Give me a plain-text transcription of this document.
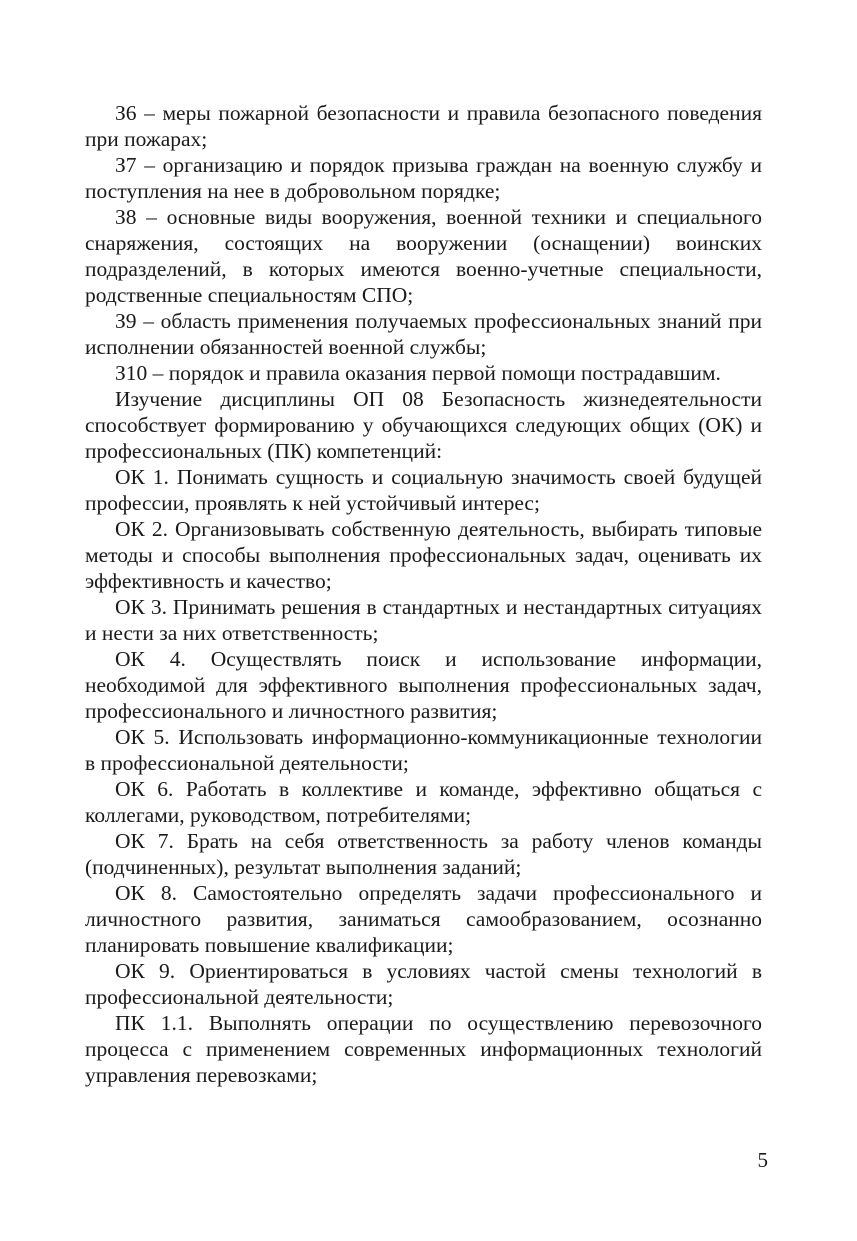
З6 – меры пожарной безопасности и правила безопасного поведения при пожарах;

З7 – организацию и порядок призыва граждан на военную службу и поступления на нее в добровольном порядке;

З8 – основные виды вооружения, военной техники и специального снаряжения, состоящих на вооружении (оснащении) воинских подразделений, в которых имеются военно-учетные специальности, родственные специальностям СПО;

З9 – область применения получаемых профессиональных знаний при исполнении обязанностей военной службы;

З10 – порядок и правила оказания первой помощи пострадавшим.

Изучение дисциплины ОП 08 Безопасность жизнедеятельности способствует формированию у обучающихся следующих общих (ОК) и профессиональных (ПК) компетенций:

ОК 1. Понимать сущность и социальную значимость своей будущей профессии, проявлять к ней устойчивый интерес;

ОК 2. Организовывать собственную деятельность, выбирать типовые методы и способы выполнения профессиональных задач, оценивать их эффективность и качество;

ОК 3. Принимать решения в стандартных и нестандартных ситуациях и нести за них ответственность;

ОК 4. Осуществлять поиск и использование информации, необходимой для эффективного выполнения профессиональных задач, профессионального и личностного развития;

ОК 5. Использовать информационно-коммуникационные технологии в профессиональной деятельности;

ОК 6. Работать в коллективе и команде, эффективно общаться с коллегами, руководством, потребителями;

ОК 7. Брать на себя ответственность за работу членов команды (подчиненных), результат выполнения заданий;

ОК 8. Самостоятельно определять задачи профессионального и личностного развития, заниматься самообразованием, осознанно планировать повышение квалификации;

ОК 9. Ориентироваться в условиях частой смены технологий в профессиональной деятельности;

ПК 1.1. Выполнять операции по осуществлению перевозочного процесса с применением современных информационных технологий управления перевозками;

5
